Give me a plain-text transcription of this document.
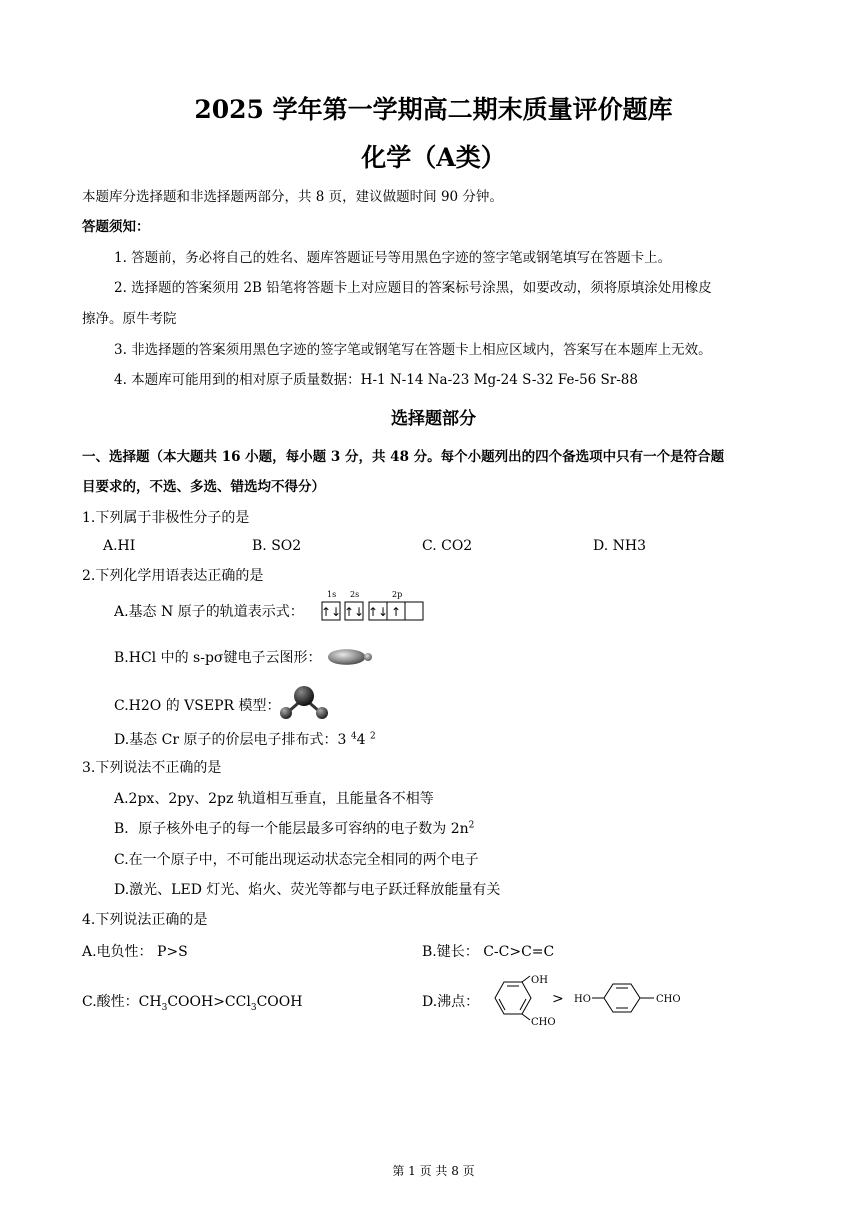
2025 学年第一学期高二期末质量评价题库
化学（A类）
本题库分选择题和非选择题两部分，共 8 页，建议做题时间 90 分钟。
答题须知：
1. 答题前，务必将自己的姓名、题库答题证号等用黑色字迹的签字笔或钢笔填写在答题卡上。
2. 选择题的答案须用 2B 铅笔将答题卡上对应题目的答案标号涂黑，如要改动，须将原填涂处用橡皮
擦净。原牛考院
3. 非选择题的答案须用黑色字迹的签字笔或钢笔写在答题卡上相应区域内，答案写在本题库上无效。
4. 本题库可能用到的相对原子质量数据：H-1 N-14 Na-23 Mg-24 S-32 Fe-56 Sr-88
选择题部分
一、选择题（本大题共 16 小题，每小题 3 分，共 48 分。每个小题列出的四个备选项中只有一个是符合题
目要求的，不选、多选、错选均不得分）
1.下列属于非极性分子的是
A.HI	B. SO2	C. CO2	D. NH3
2.下列化学用语表达正确的是
A.基态 N 原子的轨道表示式：
1s 2s	2p
↑↓ ↑↓ ↑↓ ↑
B.HCl 中的 s-pσ键电子云图形：
C.H2O 的 VSEPR 模型：
D.基态 Cr 原子的价层电子排布式：3 $^4$4 $^2$
3.下列说法不正确的是
A.2px、2py、2pz 轨道相互垂直，且能量各不相等
B．原子核外电子的每一个能层最多可容纳的电子数为 $2n^2$
C.在一个原子中，不可能出现运动状态完全相同的两个电子
D.激光、LED 灯光、焰火、荧光等都与电子跃迁释放能量有关
4.下列说法正确的是
A.电负性： P>S	B.键长： C-C>C=C
C.酸性：$CH_3COOH>CCl_3COOH$	D.沸点：
OH
CHO
> HO	CHO
第 1 页 共 8 页
